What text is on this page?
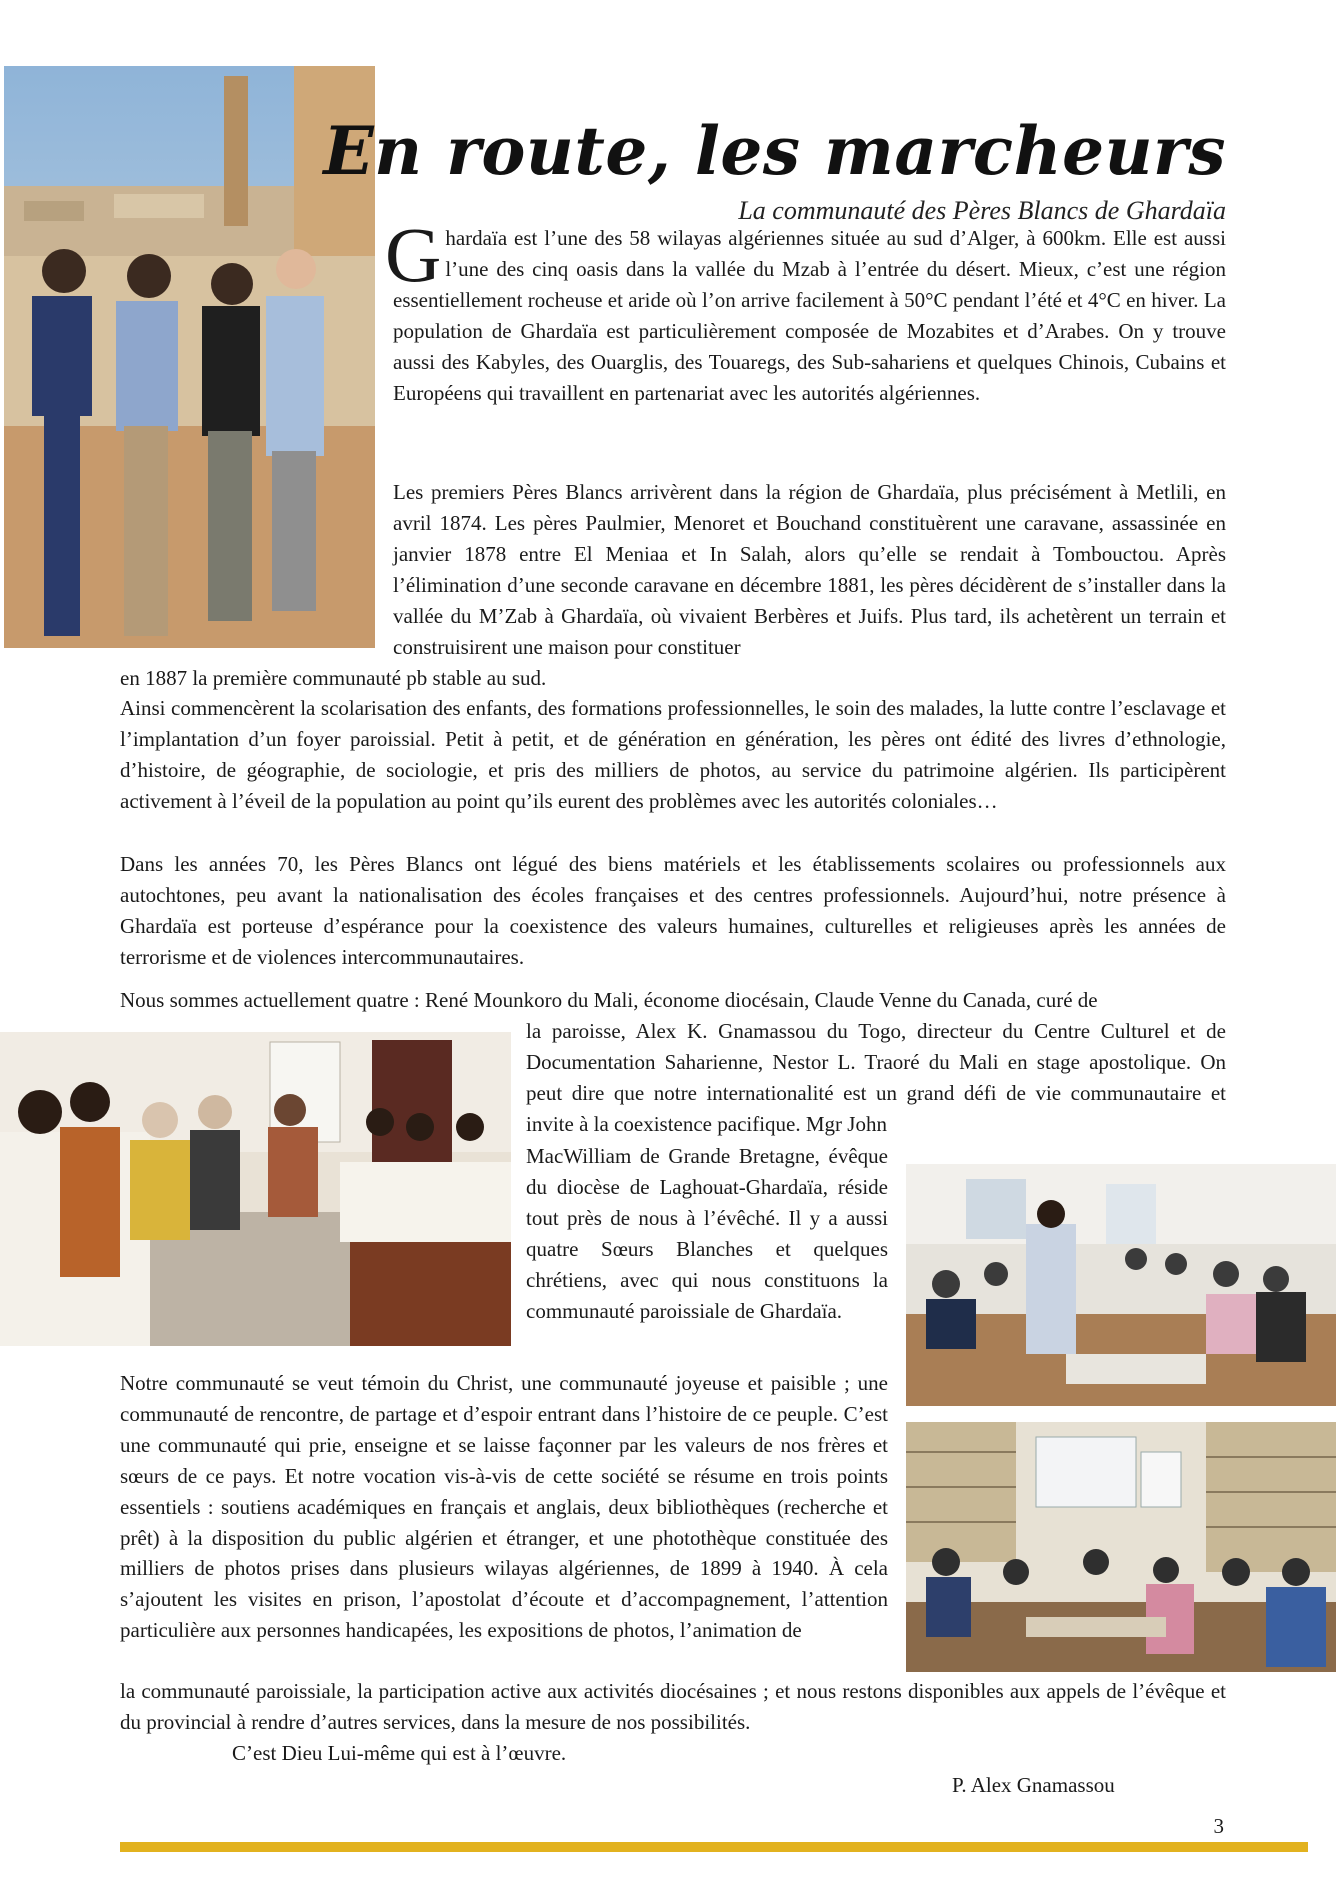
En route, les marcheurs
La communauté des Pères Blancs de Ghardaïa
Ghardaïa est l’une des 58 wilayas algériennes située au sud d’Alger, à 600km. Elle est aussi l’une des cinq oasis dans la vallée du Mzab à l’entrée du désert. Mieux, c’est une région essentiellement rocheuse et aride où l’on arrive facilement à 50°C pendant l’été et 4°C en hiver. La population de Ghardaïa est particulièrement composée de Mozabites et d’Arabes. On y trouve aussi des Kabyles, des Ouarglis, des Touaregs, des Sub-sahariens et quelques Chinois, Cubains et Européens qui travaillent en partenariat avec les autorités algériennes.
Les premiers Pères Blancs arrivèrent dans la région de Ghardaïa, plus précisément à Metlili, en avril 1874. Les pères Paulmier, Menoret et Bouchand constituèrent une caravane, assassinée en janvier 1878 entre El Meniaa et In Salah, alors qu’elle se rendait à Tombouctou. Après l’élimination d’une seconde caravane en décembre 1881, les pères décidèrent de s’installer dans la vallée du M’Zab à Ghardaïa, où vivaient Berbères et Juifs. Plus tard, ils achetèrent un terrain et construisirent une maison pour constituer
en 1887 la première communauté pb stable au sud.
Ainsi commencèrent la scolarisation des enfants, des formations professionnelles, le soin des malades, la lutte contre l’esclavage et l’implantation d’un foyer paroissial. Petit à petit, et de génération en génération, les pères ont édité des livres d’ethnologie, d’histoire, de géographie, de sociologie, et pris des milliers de photos, au service du patrimoine algérien. Ils participèrent activement à l’éveil de la population au point qu’ils eurent des problèmes avec les autorités coloniales…
Dans les années 70, les Pères Blancs ont légué des biens matériels et les établissements scolaires ou professionnels aux autochtones, peu avant la nationalisation des écoles françaises et des centres professionnels. Aujourd’hui, notre présence à Ghardaïa est porteuse d’espérance pour la coexistence des valeurs humaines, culturelles et religieuses après les années de terrorisme et de violences intercommunautaires.
Nous sommes actuellement quatre : René Mounkoro du Mali, économe diocésain, Claude Venne du Canada, curé de
la paroisse, Alex K. Gnamassou du Togo, directeur du Centre Culturel et de Documentation Saharienne, Nestor L. Traoré du Mali en stage apostolique. On peut dire que notre internationalité est un grand défi de vie communautaire et invite à la coexistence pacifique. Mgr John
MacWilliam de Grande Bretagne, évêque du diocèse de Laghouat-Ghardaïa, réside tout près de nous à l’évêché. Il y a aussi quatre Sœurs Blanches et quelques chrétiens, avec qui nous constituons la communauté paroissiale de Ghardaïa.
Notre communauté se veut témoin du Christ, une communauté joyeuse et paisible ; une communauté de rencontre, de partage et d’espoir entrant dans l’histoire de ce peuple. C’est une communauté qui prie, enseigne et se laisse façonner par les valeurs de nos frères et sœurs de ce pays. Et notre vocation vis-à-vis de cette société se résume en trois points essentiels : soutiens académiques en français et anglais, deux bibliothèques (recherche et prêt) à la disposition du public algérien et étranger, et une photothèque constituée des milliers de photos prises dans plusieurs wilayas algériennes, de 1899 à 1940. À cela s’ajoutent les visites en prison, l’apostolat d’écoute et d’accompagnement, l’attention particulière aux personnes handicapées, les expositions de photos, l’animation de
la communauté paroissiale, la participation active aux activités diocésaines ; et nous restons disponibles aux appels de l’évêque et du provincial à rendre d’autres services, dans la mesure de nos possibilités.
C’est Dieu Lui-même qui est à l’œuvre.
P. Alex Gnamassou
3
